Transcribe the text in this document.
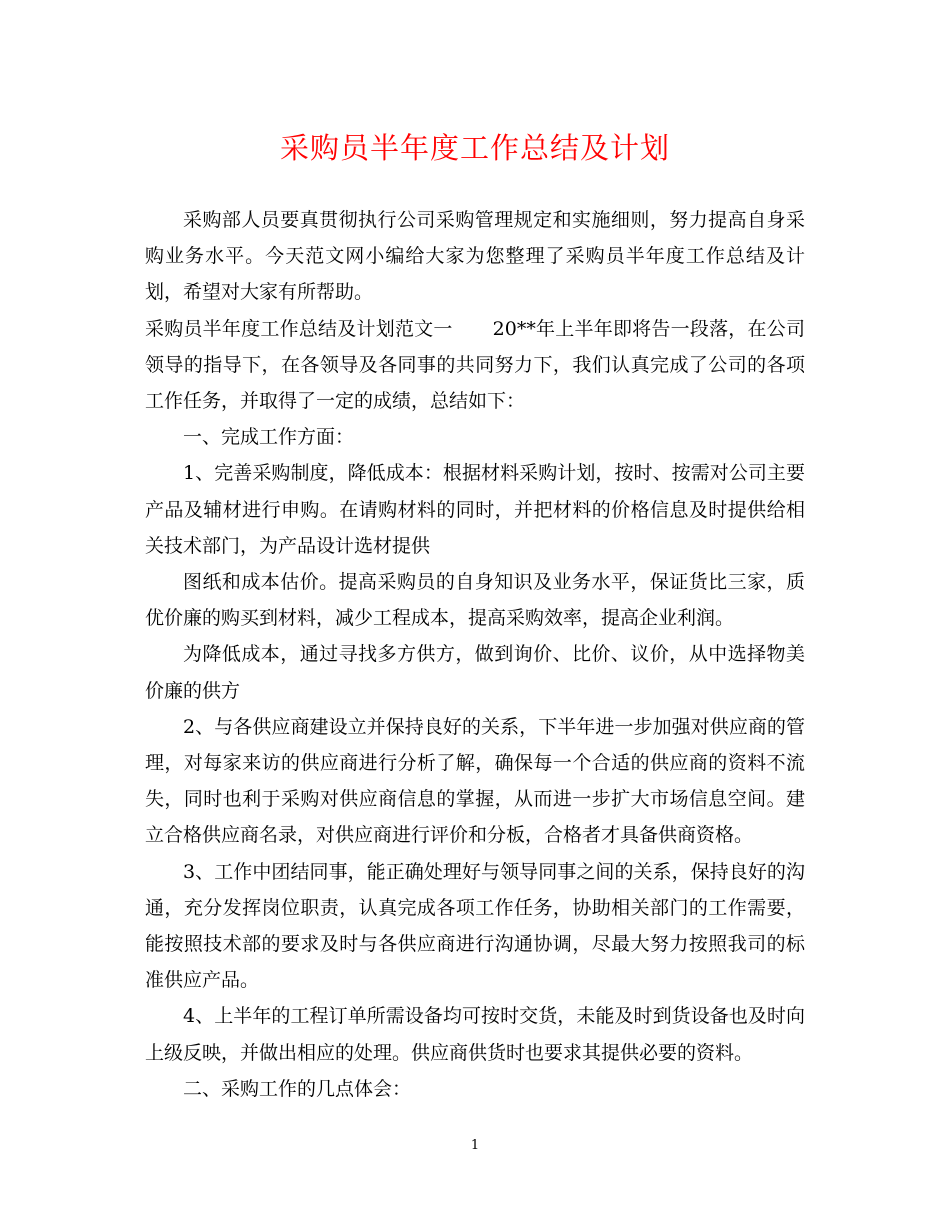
采购员半年度工作总结及计划

采购部人员要真贯彻执行公司采购管理规定和实施细则，努力提高自身采购业务水平。今天范文网小编给大家为您整理了采购员半年度工作总结及计划，希望对大家有所帮助。

采购员半年度工作总结及计划范文一 20**年上半年即将告一段落，在公司领导的指导下，在各领导及各同事的共同努力下，我们认真完成了公司的各项工作任务，并取得了一定的成绩，总结如下：

一、完成工作方面：

1、完善采购制度，降低成本：根据材料采购计划，按时、按需对公司主要产品及辅材进行申购。在请购材料的同时，并把材料的价格信息及时提供给相关技术部门，为产品设计选材提供

图纸和成本估价。提高采购员的自身知识及业务水平，保证货比三家，质优价廉的购买到材料，减少工程成本，提高采购效率，提高企业利润。

为降低成本，通过寻找多方供方，做到询价、比价、议价，从中选择物美价廉的供方

2、与各供应商建设立并保持良好的关系，下半年进一步加强对供应商的管理，对每家来访的供应商进行分析了解，确保每一个合适的供应商的资料不流失，同时也利于采购对供应商信息的掌握，从而进一步扩大市场信息空间。建立合格供应商名录，对供应商进行评价和分板，合格者才具备供商资格。

3、工作中团结同事，能正确处理好与领导同事之间的关系，保持良好的沟通，充分发挥岗位职责，认真完成各项工作任务，协助相关部门的工作需要，能按照技术部的要求及时与各供应商进行沟通协调，尽最大努力按照我司的标准供应产品。

4、上半年的工程订单所需设备均可按时交货，未能及时到货设备也及时向上级反映，并做出相应的处理。供应商供货时也要求其提供必要的资料。

二、采购工作的几点体会：

1
